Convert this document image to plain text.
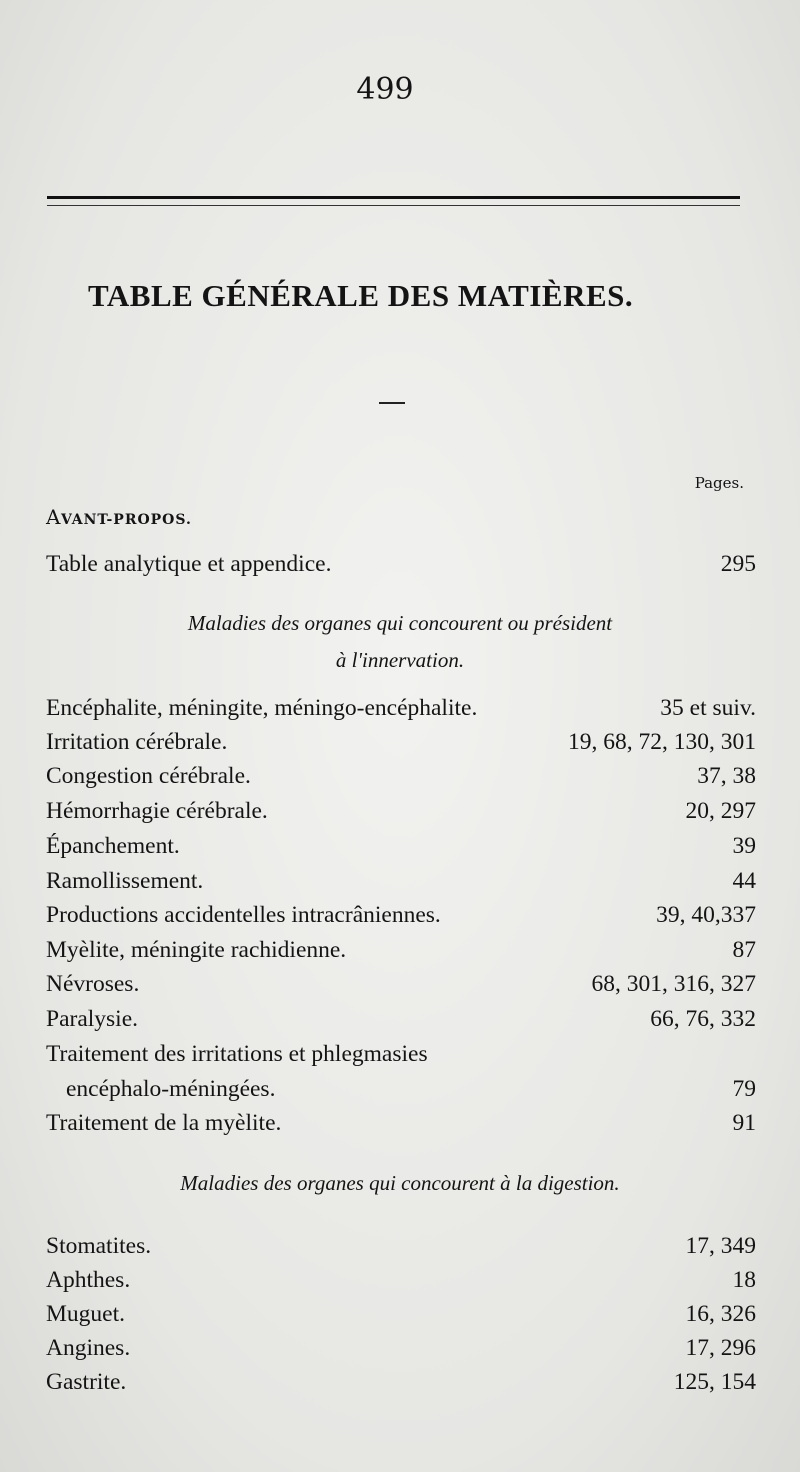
499
TABLE GÉNÉRALE DES MATIÈRES.
Pages.
AVANT-PROPOS.
Table analytique et appendice.	295
Maladies des organes qui concourent ou président
à l'innervation.
Encéphalite, méningite, méningo-encéphalite.	35 et suiv.
Irritation cérébrale.	19, 68, 72, 130, 301
Congestion cérébrale.	37, 38
Hémorrhagie cérébrale.	20, 297
Épanchement.	39
Ramollissement.	44
Productions accidentelles intracrâniennes.	39, 40,337
Myèlite, méningite rachidienne.	87
Névroses.	68, 301, 316, 327
Paralysie.	66, 76, 332
Traitement des irritations et phlegmasies
encéphalo-méningées.	79
Traitement de la myèlite.	91
Maladies des organes qui concourent à la digestion.
Stomatites.	17, 349
Aphthes.	18
Muguet.	16, 326
Angines.	17, 296
Gastrite.	125, 154
